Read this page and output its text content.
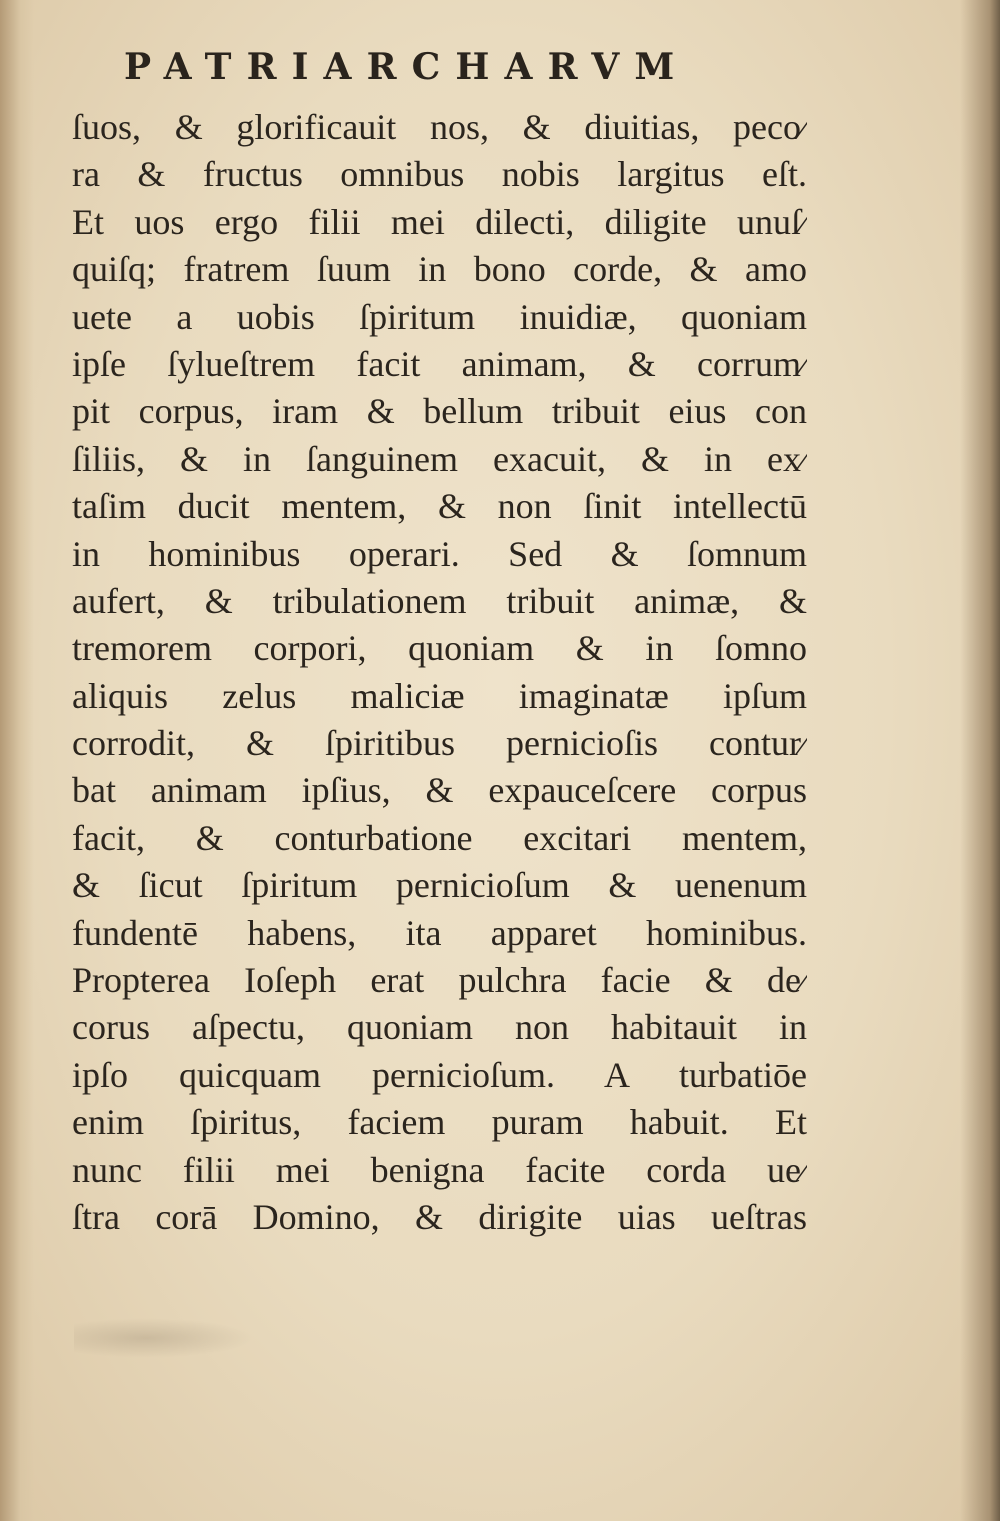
PATRIARCHARVM
ſuos, & glorificauit nos, & diuitias, peco⁄
ra & fructus omnibus nobis largitus eſt.
Et uos ergo filii mei dilecti, diligite unuſ⁄
quiſq; fratrem ſuum in bono corde, & amo
uete a uobis ſpiritum inuidiæ, quoniam
ipſe ſylueſtrem facit animam, & corrum⁄
pit corpus, iram & bellum tribuit eius con
ſiliis, & in ſanguinem exacuit, & in ex⁄
taſim ducit mentem, & non ſinit intellectū
in hominibus operari. Sed & ſomnum
aufert, & tribulationem tribuit animæ, &
tremorem corpori, quoniam & in ſomno
aliquis zelus maliciæ imaginatæ ipſum
corrodit, & ſpiritibus pernicioſis contur⁄
bat animam ipſius, & expauceſcere corpus
facit, & conturbatione excitari mentem,
& ſicut ſpiritum pernicioſum & uenenum
fundentē habens, ita apparet hominibus.
Propterea Ioſeph erat pulchra facie & de⁄
corus aſpectu, quoniam non habitauit in
ipſo quicquam pernicioſum. A turbatiōe
enim ſpiritus, faciem puram habuit. Et
nunc filii mei benigna facite corda ue⁄
ſtra corā Domino, & dirigite uias ueſtras
